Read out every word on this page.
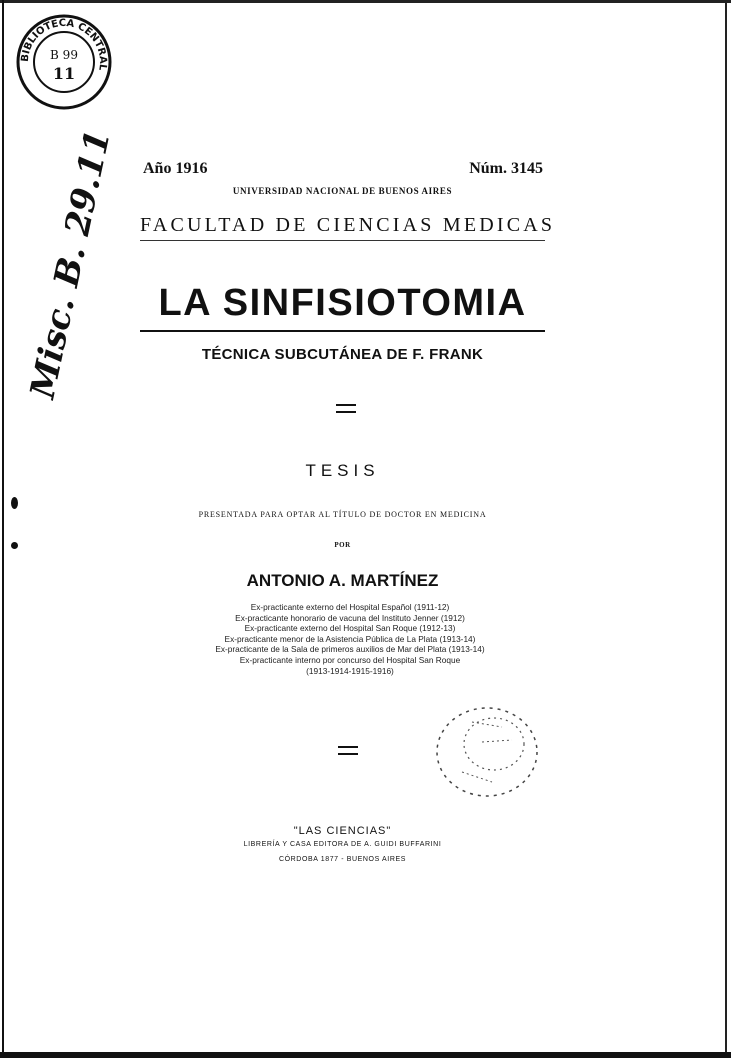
BIBLIOTECA CENTRAL
B 99
11
Misc. B. 29.11 Año 1916	Núm. 3145
UNIVERSIDAD NACIONAL DE BUENOS AIRES
FACULTAD DE CIENCIAS MEDICAS
LA SINFISIOTOMIA
TÉCNICA SUBCUTÁNEA DE F. FRANK
TESIS
PRESENTADA PARA OPTAR AL TÍTULO DE DOCTOR EN MEDICINA
POR
ANTONIO A. MARTÍNEZ
Ex-practicante externo del Hospital Español (1911-12)
Ex-practicante honorario de vacuna del Instituto Jenner (1912)
Ex-practicante externo del Hospital San Roque (1912-13)
Ex-practicante menor de la Asistencia Pública de La Plata (1913-14)
Ex-practicante de la Sala de primeros auxilios de Mar del Plata (1913-14)
Ex-practicante interno por concurso del Hospital San Roque
(1913-1914-1915-1916)
"LAS CIENCIAS"
LIBRERÍA Y CASA EDITORA DE A. GUIDI BUFFARINI
CÓRDOBA 1877 - BUENOS AIRES
